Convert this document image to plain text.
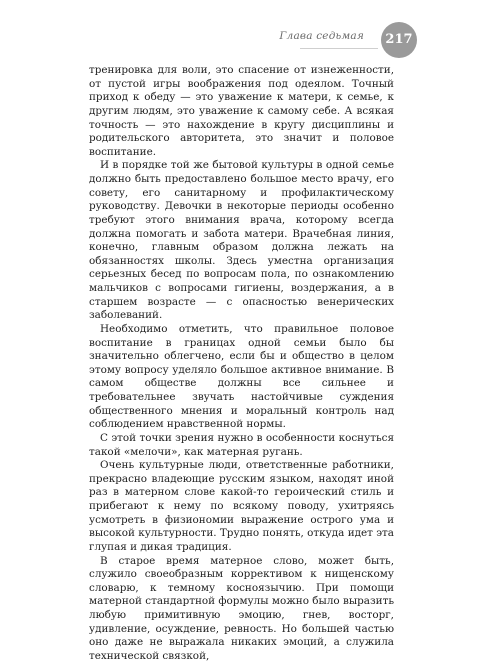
Глава седьмая	217

тренировка для воли, это спасение от изнеженности, от пустой игры воображения под одеялом. Точный приход к обеду — это уважение к матери, к семье, к другим людям, это уважение к самому себе. А всякая точность — это нахождение в кругу дисциплины и родительского авторитета, это значит и половое воспитание.

И в порядке той же бытовой культуры в одной семье должно быть предоставлено большое место врачу, его совету, его санитарному и профилактическому руководству. Девочки в некоторые периоды особенно требуют этого внимания врача, которому всегда должна помогать и забота матери. Врачебная линия, конечно, главным образом должна лежать на обязанностях школы. Здесь уместна организация серьезных бесед по вопросам пола, по ознакомлению мальчиков с вопросами гигиены, воздержания, а в старшем возрасте — с опасностью венерических заболеваний.

Необходимо отметить, что правильное половое воспитание в границах одной семьи было бы значительно облегчено, если бы и общество в целом этому вопросу уделяло большое активное внимание. В самом обществе должны все сильнее и требовательнее звучать настойчивые суждения общественного мнения и моральный контроль над соблюдением нравственной нормы.

С этой точки зрения нужно в особенности коснуться такой «мелочи», как матерная ругань.

Очень культурные люди, ответственные работники, прекрасно владеющие русским языком, находят иной раз в матерном слове какой-то героический стиль и прибегают к нему по всякому поводу, ухитряясь усмотреть в физиономии выражение острого ума и высокой культурности. Трудно понять, откуда идет эта глупая и дикая традиция.

В старое время матерное слово, может быть, служило своеобразным коррективом к нищенскому словарю, к темному косноязычию. При помощи матерной стандартной формулы можно было выразить любую примитивную эмоцию, гнев, восторг, удивление, осуждение, ревность. Но большей частью оно даже не выражала никаких эмоций, а служила технической связкой,
